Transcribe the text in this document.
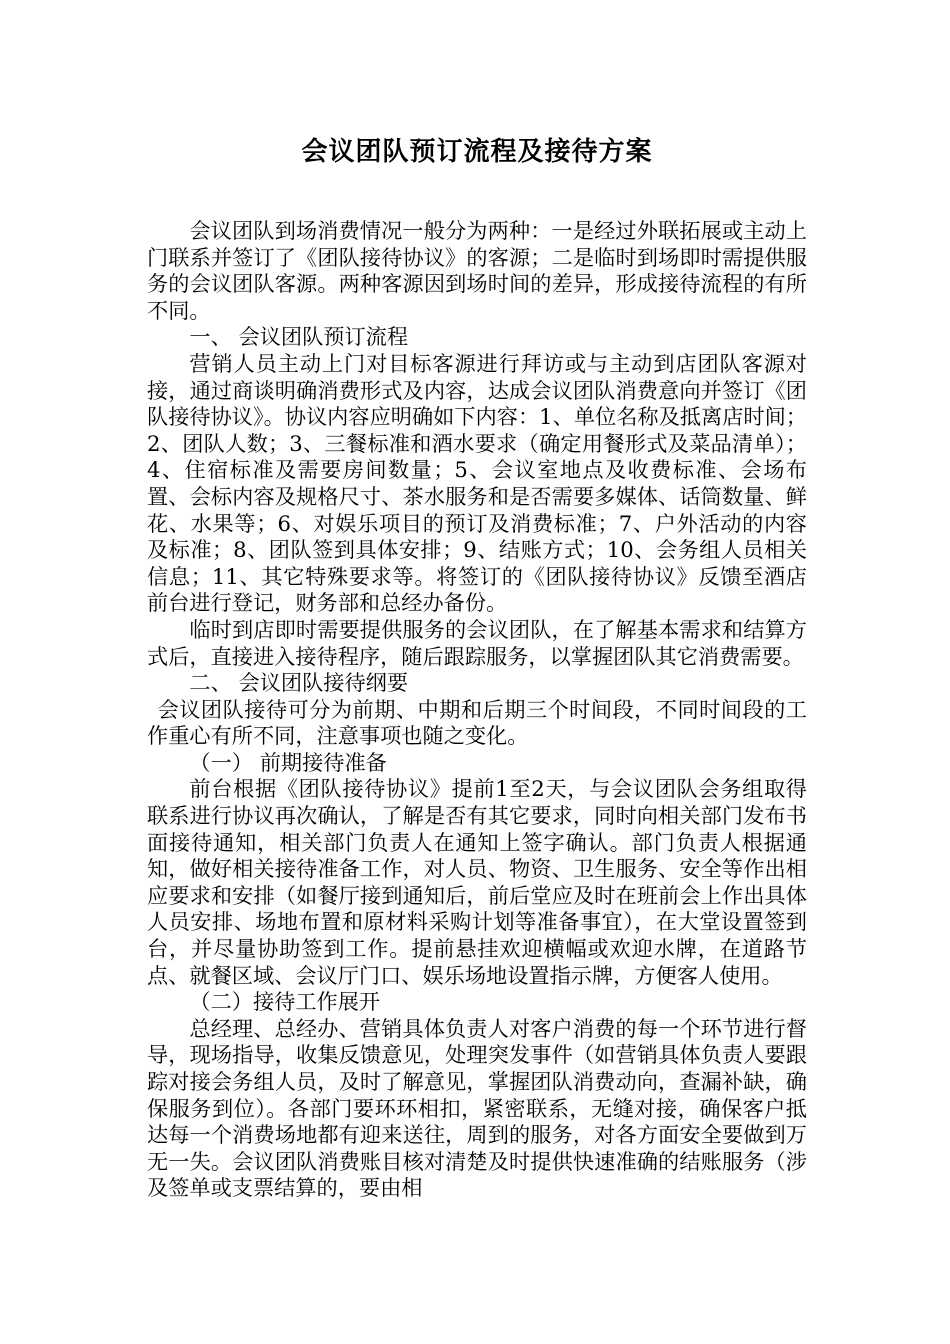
会议团队预订流程及接待方案

会议团队到场消费情况一般分为两种：一是经过外联拓展或主动上门联系并签订了《团队接待协议》的客源；二是临时到场即时需提供服务的会议团队客源。两种客源因到场时间的差异，形成接待流程的有所不同。

一、 会议团队预订流程

营销人员主动上门对目标客源进行拜访或与主动到店团队客源对接，通过商谈明确消费形式及内容，达成会议团队消费意向并签订《团队接待协议》。协议内容应明确如下内容：1、单位名称及抵离店时间；2、团队人数；3、三餐标准和酒水要求（确定用餐形式及菜品清单）；4、住宿标准及需要房间数量；5、会议室地点及收费标准、会场布置、会标内容及规格尺寸、茶水服务和是否需要多媒体、话筒数量、鲜花、水果等；6、对娱乐项目的预订及消费标准；7、户外活动的内容及标准；8、团队签到具体安排；9、结账方式；10、会务组人员相关信息；11、其它特殊要求等。将签订的《团队接待协议》反馈至酒店前台进行登记，财务部和总经办备份。

临时到店即时需要提供服务的会议团队，在了解基本需求和结算方式后，直接进入接待程序，随后跟踪服务，以掌握团队其它消费需要。

二、 会议团队接待纲要

会议团队接待可分为前期、中期和后期三个时间段，不同时间段的工作重心有所不同，注意事项也随之变化。

（一） 前期接待准备

前台根据《团队接待协议》提前1至2天，与会议团队会务组取得联系进行协议再次确认，了解是否有其它要求，同时向相关部门发布书面接待通知，相关部门负责人在通知上签字确认。部门负责人根据通知，做好相关接待准备工作，对人员、物资、卫生服务、安全等作出相应要求和安排（如餐厅接到通知后，前后堂应及时在班前会上作出具体人员安排、场地布置和原材料采购计划等准备事宜），在大堂设置签到台，并尽量协助签到工作。提前悬挂欢迎横幅或欢迎水牌，在道路节点、就餐区域、会议厅门口、娱乐场地设置指示牌，方便客人使用。

（二）接待工作展开

总经理、总经办、营销具体负责人对客户消费的每一个环节进行督导，现场指导，收集反馈意见，处理突发事件（如营销具体负责人要跟踪对接会务组人员，及时了解意见，掌握团队消费动向，查漏补缺，确保服务到位）。各部门要环环相扣，紧密联系，无缝对接，确保客户抵达每一个消费场地都有迎来送往，周到的服务，对各方面安全要做到万无一失。会议团队消费账目核对清楚及时提供快速准确的结账服务（涉及签单或支票结算的，要由相
